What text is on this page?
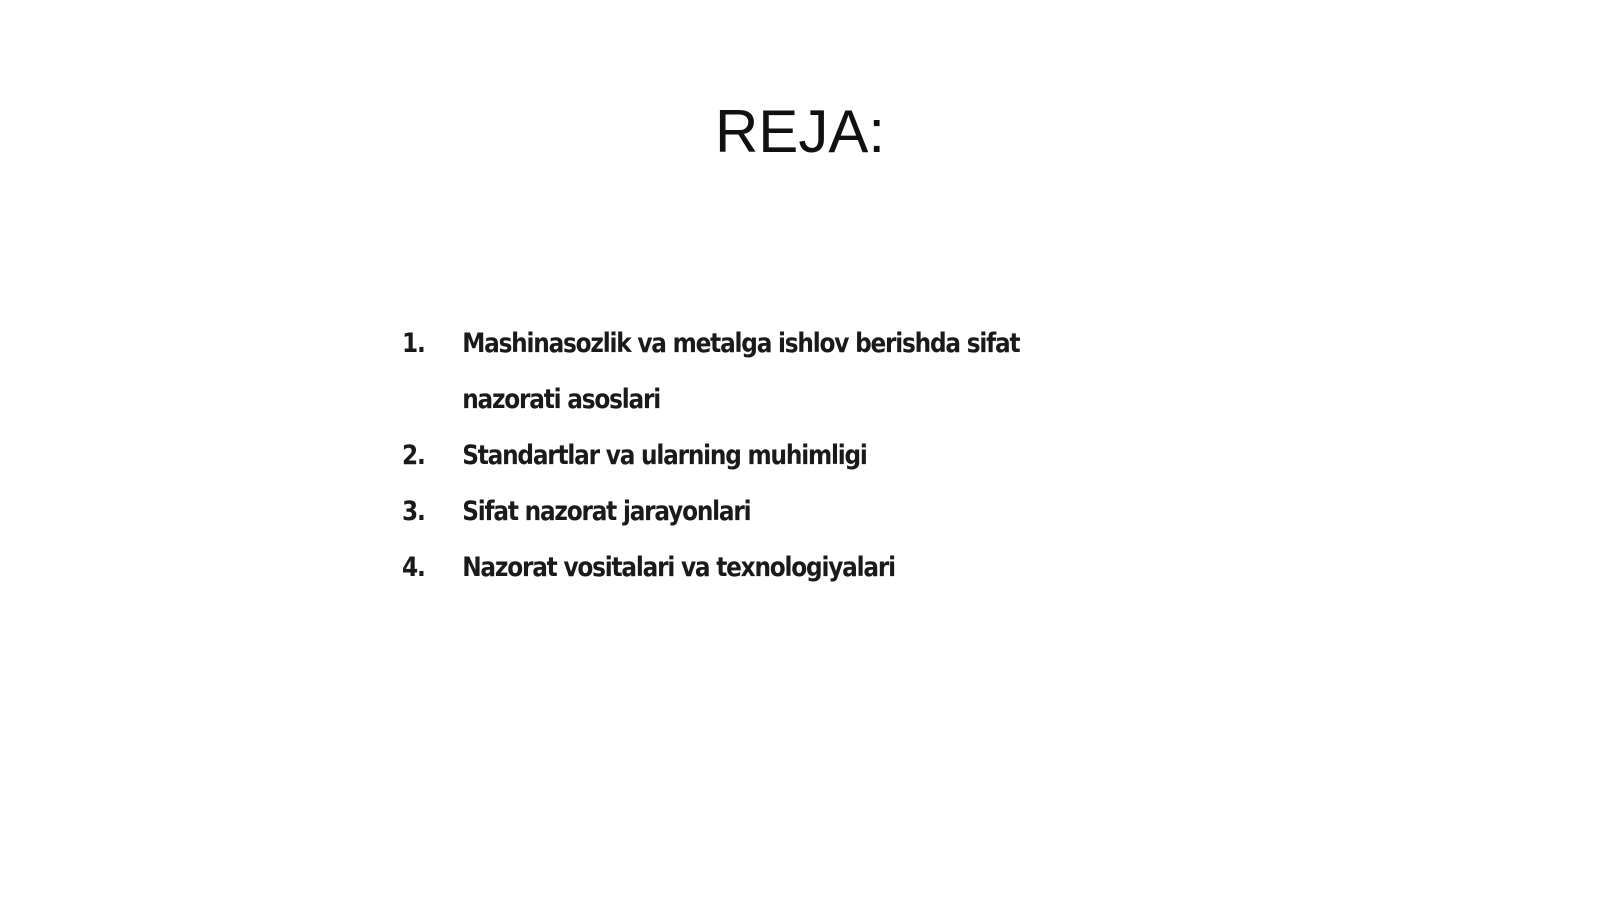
REJA:
1.	Mashinasozlik va metalga ishlov berishda sifat nazorati asoslari
2.	Standartlar va ularning muhimligi
3.	Sifat nazorat jarayonlari
4.	Nazorat vositalari va texnologiyalari
